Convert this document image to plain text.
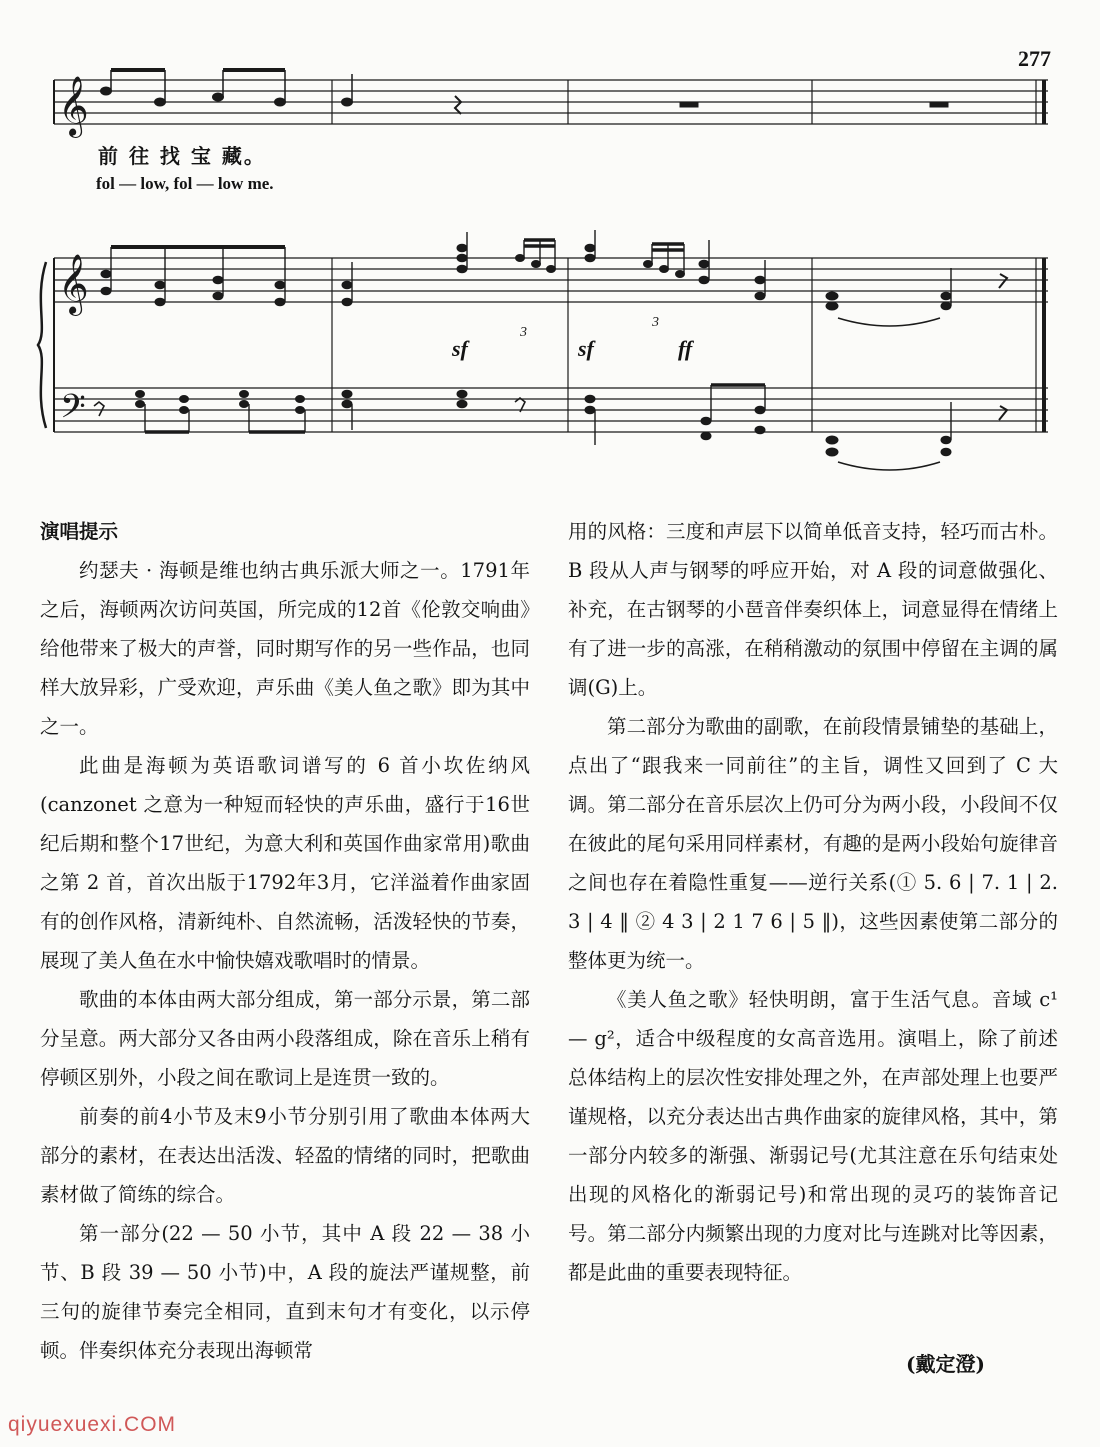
277
𝄞
𝄞
𝄢
3
3
前 往 找 宝 藏。
fol — low, fol — low me.
sf	sf	ff
演唱提示

约瑟夫 · 海顿是维也纳古典乐派大师之一。1791年之后，海顿两次访问英国，所完成的12首《伦敦交响曲》给他带来了极大的声誉，同时期写作的另一些作品，也同样大放异彩，广受欢迎，声乐曲《美人鱼之歌》即为其中之一。

此曲是海顿为英语歌词谱写的 6 首小坎佐纳风(canzonet 之意为一种短而轻快的声乐曲，盛行于16世纪后期和整个17世纪，为意大利和英国作曲家常用)歌曲之第 2 首，首次出版于1792年3月，它洋溢着作曲家固有的创作风格，清新纯朴、自然流畅，活泼轻快的节奏，展现了美人鱼在水中愉快嬉戏歌唱时的情景。

歌曲的本体由两大部分组成，第一部分示景，第二部分呈意。两大部分又各由两小段落组成，除在音乐上稍有停顿区别外，小段之间在歌词上是连贯一致的。

前奏的前4小节及末9小节分别引用了歌曲本体两大部分的素材，在表达出活泼、轻盈的情绪的同时，把歌曲素材做了简练的综合。

第一部分(22 — 50 小节，其中 A 段 22 — 38 小节、B 段 39 — 50 小节)中，A 段的旋法严谨规整，前三句的旋律节奏完全相同，直到末句才有变化，以示停顿。伴奏织体充分表现出海顿常

用的风格：三度和声层下以简单低音支持，轻巧而古朴。B 段从人声与钢琴的呼应开始，对 A 段的词意做强化、补充，在古钢琴的小琶音伴奏织体上，词意显得在情绪上有了进一步的高涨，在稍稍激动的氛围中停留在主调的属调(G)上。

第二部分为歌曲的副歌，在前段情景铺垫的基础上，点出了“跟我来一同前往”的主旨，调性又回到了 C 大调。第二部分在音乐层次上仍可分为两小段，小段间不仅在彼此的尾句采用同样素材，有趣的是两小段始句旋律音之间也存在着隐性重复——逆行关系(① 5. 6 | 7. 1 | 2. 3 | 4 ‖ ② 4 3 | 2 1 7 6 | 5 ‖)，这些因素使第二部分的整体更为统一。

《美人鱼之歌》轻快明朗，富于生活气息。音域 c¹ — g²，适合中级程度的女高音选用。演唱上，除了前述总体结构上的层次性安排处理之外，在声部处理上也要严谨规格，以充分表达出古典作曲家的旋律风格，其中，第一部分内较多的渐强、渐弱记号(尤其注意在乐句结束处出现的风格化的渐弱记号)和常出现的灵巧的装饰音记号。第二部分内频繁出现的力度对比与连跳对比等因素，都是此曲的重要表现特征。

(戴定澄)
qiyuexuexi.COM
